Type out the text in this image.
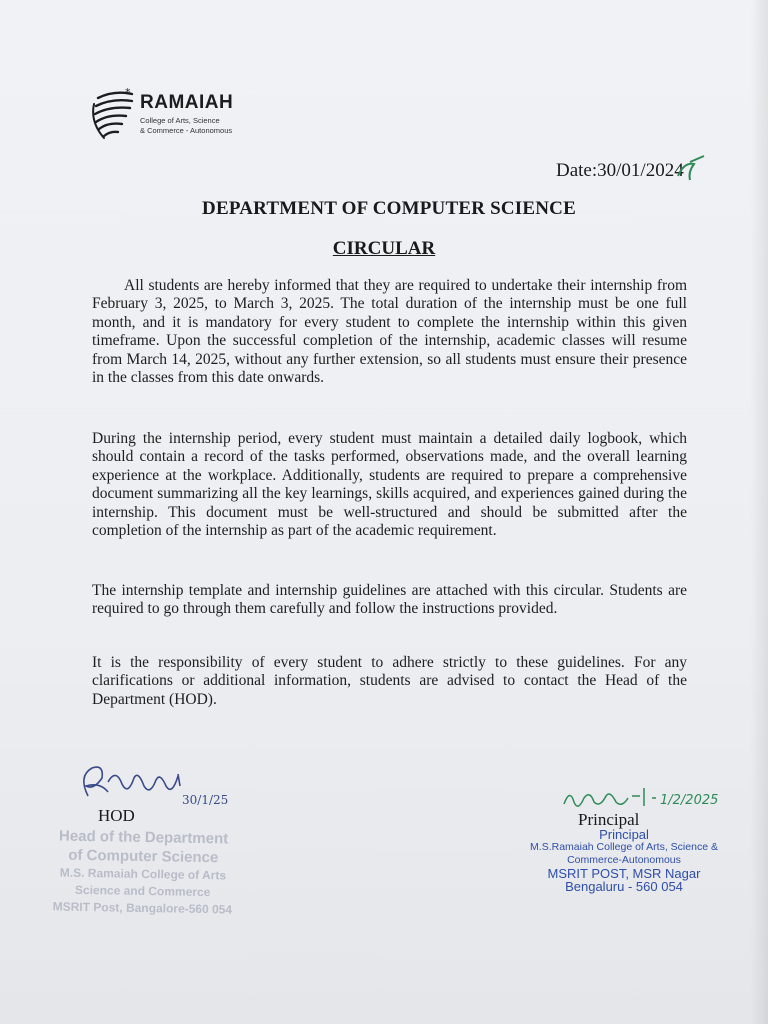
* RAMAIAH
College of Arts, Science
& Commerce - Autonomous
Date:30/01/2024
DEPARTMENT OF COMPUTER SCIENCE
CIRCULAR

All students are hereby informed that they are required to undertake their internship from February 3, 2025, to March 3, 2025. The total duration of the internship must be one full month, and it is mandatory for every student to complete the internship within this given timeframe. Upon the successful completion of the internship, academic classes will resume from March 14, 2025, without any further extension, so all students must ensure their presence in the classes from this date onwards.

During the internship period, every student must maintain a detailed daily logbook, which should contain a record of the tasks performed, observations made, and the overall learning experience at the workplace. Additionally, students are required to prepare a comprehensive document summarizing all the key learnings, skills acquired, and experiences gained during the internship. This document must be well-structured and should be submitted after the completion of the internship as part of the academic requirement.

The internship template and internship guidelines are attached with this circular. Students are required to go through them carefully and follow the instructions provided.

It is the responsibility of every student to adhere strictly to these guidelines. For any clarifications or additional information, students are advised to contact the Head of the Department (HOD).

30/1/25
HOD
Head of the Department
of Computer Science
M.S. Ramaiah College of Arts
Science and Commerce
MSRIT Post, Bangalore-560 054
1/2/2025
Principal
Principal
M.S.Ramaiah College of Arts, Science &
Commerce-Autonomous
MSRIT POST, MSR Nagar
Bengaluru - 560 054
